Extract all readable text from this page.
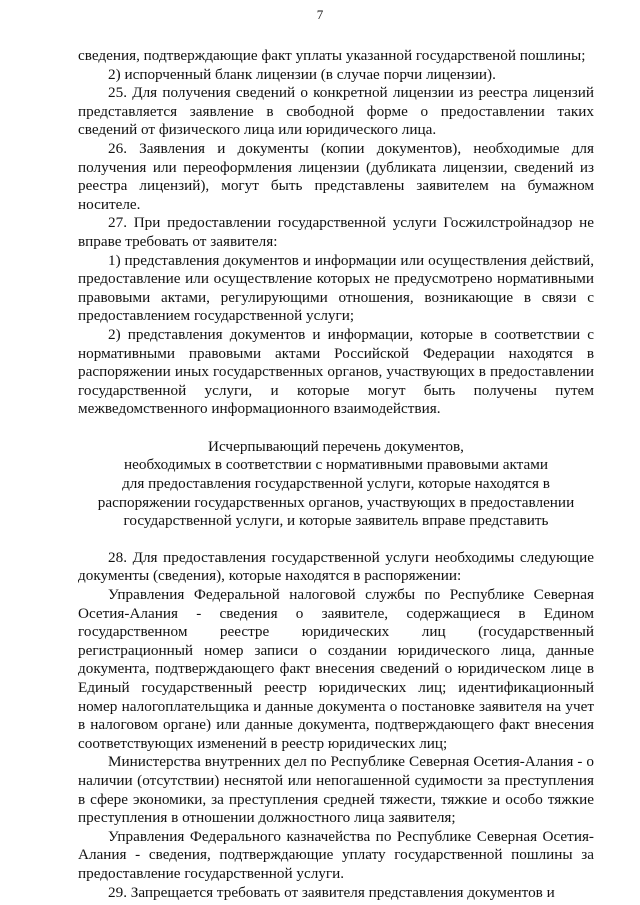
7

сведения, подтверждающие факт уплаты указанной государственой пошлины;

2) испорченный бланк лицензии (в случае порчи лицензии).

25. Для получения сведений о конкретной лицензии из реестра лицензий представляется заявление в свободной форме о предоставлении таких сведений от физического лица или юридического лица.

26. Заявления и документы (копии документов), необходимые для получения или переоформления лицензии (дубликата лицензии, сведений из реестра лицензий), могут быть представлены заявителем на бумажном носителе.

27. При предоставлении государственной услуги Госжилстройнадзор не вправе требовать от заявителя:

1) представления документов и информации или осуществления действий, предоставление или осуществление которых не предусмотрено нормативными правовыми актами, регулирующими отношения, возникающие в связи с предоставлением государственной услуги;

2) представления документов и информации, которые в соответствии с нормативными правовыми актами Российской Федерации находятся в распоряжении иных государственных органов, участвующих в предоставлении государственной услуги, и которые могут быть получены путем межведомственного информационного взаимодействия.

Исчерпывающий перечень документов,

необходимых в соответствии с нормативными правовыми актами

для предоставления государственной услуги, которые находятся в

распоряжении государственных органов, участвующих в предоставлении

государственной услуги, и которые заявитель вправе представить

28. Для предоставления государственной услуги необходимы следующие документы (сведения), которые находятся в распоряжении:

Управления Федеральной налоговой службы по Республике Северная Осетия-Алания - сведения о заявителе, содержащиеся в Едином государственном реестре юридических лиц (государственный регистрационный номер записи о создании юридического лица, данные документа, подтверждающего факт внесения сведений о юридическом лице в Единый государственный реестр юридических лиц; идентификационный номер налогоплательщика и данные документа о постановке заявителя на учет в налоговом органе) или данные документа, подтверждающего факт внесения соответствующих изменений в реестр юридических лиц;

Министерства внутренних дел по Республике Северная Осетия-Алания - о наличии (отсутствии) неснятой или непогашенной судимости за преступления в сфере экономики, за преступления средней тяжести, тяжкие и особо тяжкие преступления в отношении должностного лица заявителя;

Управления Федерального казначейства по Республике Северная Осетия-Алания - сведения, подтверждающие уплату государственной пошлины за предоставление государственной услуги.

29. Запрещается требовать от заявителя представления документов и
